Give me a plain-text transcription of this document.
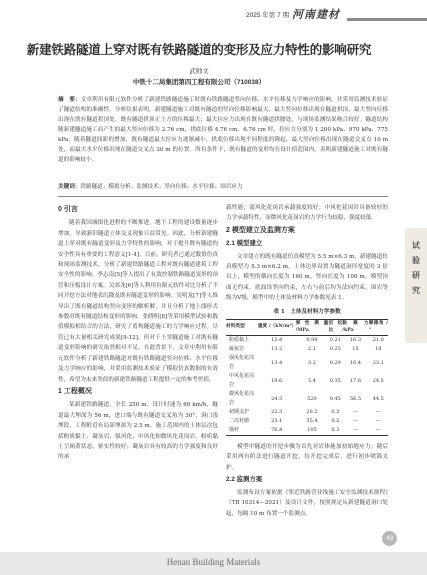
2025 年第 7 期 河南建材
新建铁路隧道上穿对既有铁路隧道的变形及应力特性的影响研究
武帅文
中铁十二局集团第四工程有限公司（710038）
摘　要：文章利用有限元软件分析了新建铁路隧道施工时既有铁路隧道竖向位移、水平位移及力学响应的影响，并采用监测技术验证了隧道结构的准确性。分析结果表明，新建隧道施工对既有隧道的竖向位移影响最大，最大竖向位移出现在隧道拱顶，最大竖向位移出现在既有隧道拱顶处，既有隧道拱顶正上方的位移最大；最大拉应力出现在既有隧道拱腰处，与现场监测结果吻合较好。隧道结构随新建隧道施工而产生的最大竖向位移为 2.76 cm，拱底位移 4.76 cm、6.76 cm 时，拉应力分别为 1 200 kPa、970 kPa、775 kPa，随着隧道间距的增加，既有隧道最大拉应力逐渐减小，拱底位移出现不同程度的隆起，最大竖向位移出现在隧道交叉点 10 m 处，而最大水平位移出现在隧道交叉点 20 m 的位置。所有条件下，既有隧道的变形均在设计值范围内，表明新建隧道施工对既有隧道的影响较小。
关键词：铁路隧道；模拟分析；监测技术；竖向位移；水平位移；围岩应力
试验研究
0 引言

随着我国城镇化进程的不断推进，地下工程的建设数量逐步增加，导致新旧隧道立体交叉现象日益常见。因此，分析新建隧道上穿对既有隧道变形及力学特性的影响，对于提升既有隧道的安全性具有重要的工程意义[1-4]。目前，研究者已通过数值仿真和现场监测技术，分析了新建铁路隧道工程对既有隧道建筑工程安全性的影响。李志南[5]等人提出了有效控制铁路隧道变形的顶管和压板设计方案。吴郊龙[6]等人利用有限元软件对比分析了不同开挖方法对地表沉降及既有隧道变形的影响。吴明龙[7]等人推导出了既有隧道结构竖向变形的解析解，并且分析了地上线形式参数对既有隧道结构变形的影响。张晓明[8]等采用模型试验和数值模拟相结合的方法，研究了盾构隧道施工的力学响应过程。尽管已有大量相关研究成果[9-12]，但对于上穿隧道施工对既有隧道变形影响的研究依然相对不足。在此背景下，文章中利用有限元软件分析了新建铁路隧道对既有铁路隧道竖向位移、水平位移及力学响应的影响，并采用监测技术验证了模拟仿真数据的有效性，希望为未来类似的新建铁路隧道工程提供一定的参考价值。

1 工程概况

某新建铁路隧道，全长 250 m，设计时速为 60 km/h，隧道最大埋深为 56 m，进口端与既有隧道交叉角为 30°，洞口浅埋段，工程附近有局部埋深为 2.5 m。施工范围内的土体层次包括粉质黏土、凝灰岩、强风化、中风化和微风化花岗岩。粉质黏土呈褐黄状态，密实性较好；凝灰岩具有较高的力学强度和良好的承

载性能；弱风化花岗岩承载强度较好；中风化花岗岩具备较好的力学承载特性，而微风化花岗岩的力学行为较稳，强度较低

2 模型建立及监测方案
2.1 模型建立

文章建立的既有隧道仿真模型为 5.5 m×6.3 m，新建隧道仿真模型为 5.3 m×6.2 m。土体边界设置为隧道洞径宽度的 3 倍以上，模型的横向长度为 160 m，竖向长度为 100 m。模型顶面无约束，底面设竖向约束，左右与前后均为法向约束，围岩等级为Ⅴ级，模型中的土体及材料力学参数见表 1。

表 1　土体及材料力学参数
材料类型	重度 /（kN/m³）	弹性模量 /MPa	泊松比	黏聚力 /kPa	摩擦角 /°
粉质黏土	12.4	0.98	0.21	16.3	21.0
凝灰岩	13.2	2.1	0.25	15	18
强风化花岗岩	13.4	3.2	0.29	16.4	23.1
中风化花岗岩	19.6	5.4	0.35	17.6	24.5
微风化花岗岩	24.5	520	0.45	56.5	44.5
初期支护	22.3	28.2	0.2	—	—
二次衬砌	23.1	35.4	0.2	—	—
锚杆	76.4	105	0.3	—	—

模型中隧道的开挖步骤为首先对岩体施加初始地应力；随后采用两台阶法进行隧道开挖，待开挖完成后，进行初步喷锚支护。

2.2 监测方案

监测布设方案依据《邻近铁路营业线施工安全监测技术规程》（TB 10314—2021）及设计文件，按照规定从新建隧道洞口处起，每隔 10 m 布置一个监测点。

43
Henan Building Materials
